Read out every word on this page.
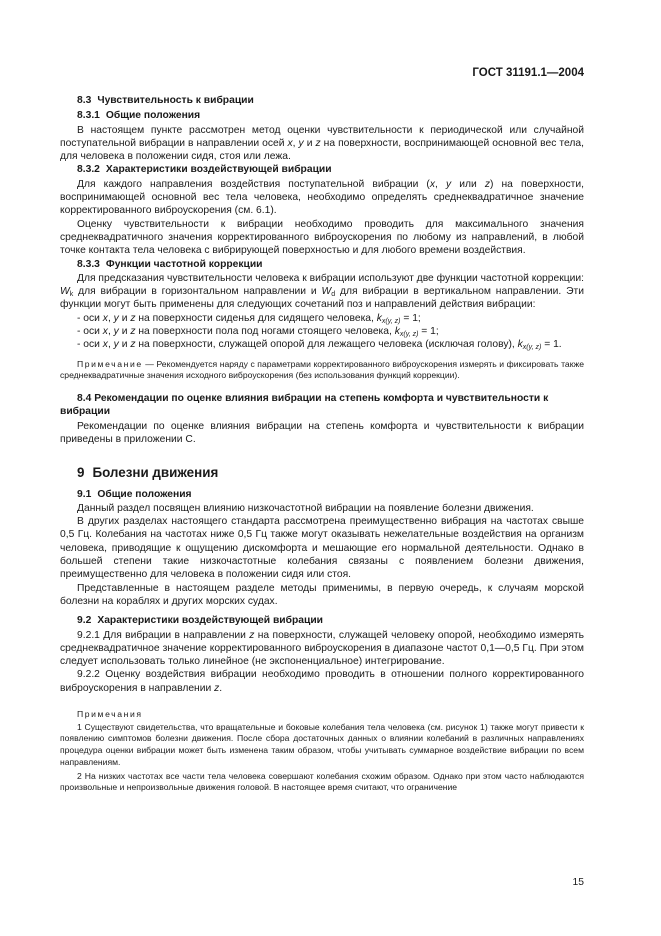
ГОСТ 31191.1—2004
8.3 Чувствительность к вибрации
8.3.1 Общие положения

В настоящем пункте рассмотрен метод оценки чувствительности к периодической или случайной поступательной вибрации в направлении осей x, y и z на поверхности, воспринимающей основной вес тела, для человека в положении сидя, стоя или лежа.

8.3.2 Характеристики воздействующей вибрации

Для каждого направления воздействия поступательной вибрации (x, y или z) на поверхности, воспринимающей основной вес тела человека, необходимо определять среднеквадратичное значение корректированного виброускорения (см. 6.1).

Оценку чувствительности к вибрации необходимо проводить для максимального значения среднеквадратичного значения корректированного виброускорения по любому из направлений, в любой точке контакта тела человека с вибрирующей поверхностью и для любого времени воздействия.

8.3.3 Функции частотной коррекции

Для предсказания чувствительности человека к вибрации используют две функции частотной коррекции: $W_k$ для вибрации в горизонтальном направлении и $W_d$ для вибрации в вертикальном направлении. Эти функции могут быть применены для следующих сочетаний поз и направлений действия вибрации:

- оси x, y и z на поверхности сиденья для сидящего человека, $k_{x(y, z)} = 1$;

- оси x, y и z на поверхности пола под ногами стоящего человека, $k_{x(y, z)} = 1$;

- оси x, y и z на поверхности, служащей опорой для лежащего человека (исключая голову), $k_{x(y, z)} = 1$.

Примечание — Рекомендуется наряду с параметрами корректированного виброускорения измерять и фиксировать также среднеквадратичные значения исходного виброускорения (без использования функций коррекции).

8.4 Рекомендации по оценке влияния вибрации на степень комфорта и чувствительности к вибрации

Рекомендации по оценке влияния вибрации на степень комфорта и чувствительности к вибрации приведены в приложении С.

9 Болезни движения
9.1 Общие положения

Данный раздел посвящен влиянию низкочастотной вибрации на появление болезни движения.

В других разделах настоящего стандарта рассмотрена преимущественно вибрация на частотах свыше 0,5 Гц. Колебания на частотах ниже 0,5 Гц также могут оказывать нежелательные воздействия на организм человека, приводящие к ощущению дискомфорта и мешающие его нормальной деятельности. Однако в большей степени такие низкочастотные колебания связаны с появлением болезни движения, преимущественно для человека в положении сидя или стоя.

Представленные в настоящем разделе методы применимы, в первую очередь, к случаям морской болезни на кораблях и других морских судах.

9.2 Характеристики воздействующей вибрации

9.2.1 Для вибрации в направлении z на поверхности, служащей человеку опорой, необходимо измерять среднеквадратичное значение корректированного виброускорения в диапазоне частот 0,1—0,5 Гц. При этом следует использовать только линейное (не экспоненциальное) интегрирование.

9.2.2 Оценку воздействия вибрации необходимо проводить в отношении полного корректированного виброускорения в направлении z.

Примечания

1 Существуют свидетельства, что вращательные и боковые колебания тела человека (см. рисунок 1) также могут привести к появлению симптомов болезни движения. После сбора достаточных данных о влиянии колебаний в различных направлениях процедура оценки вибрации может быть изменена таким образом, чтобы учитывать суммарное воздействие вибрации по всем направлениям.

2 На низких частотах все части тела человека совершают колебания схожим образом. Однако при этом часто наблюдаются произвольные и непроизвольные движения головой. В настоящее время считают, что ограничение

15
